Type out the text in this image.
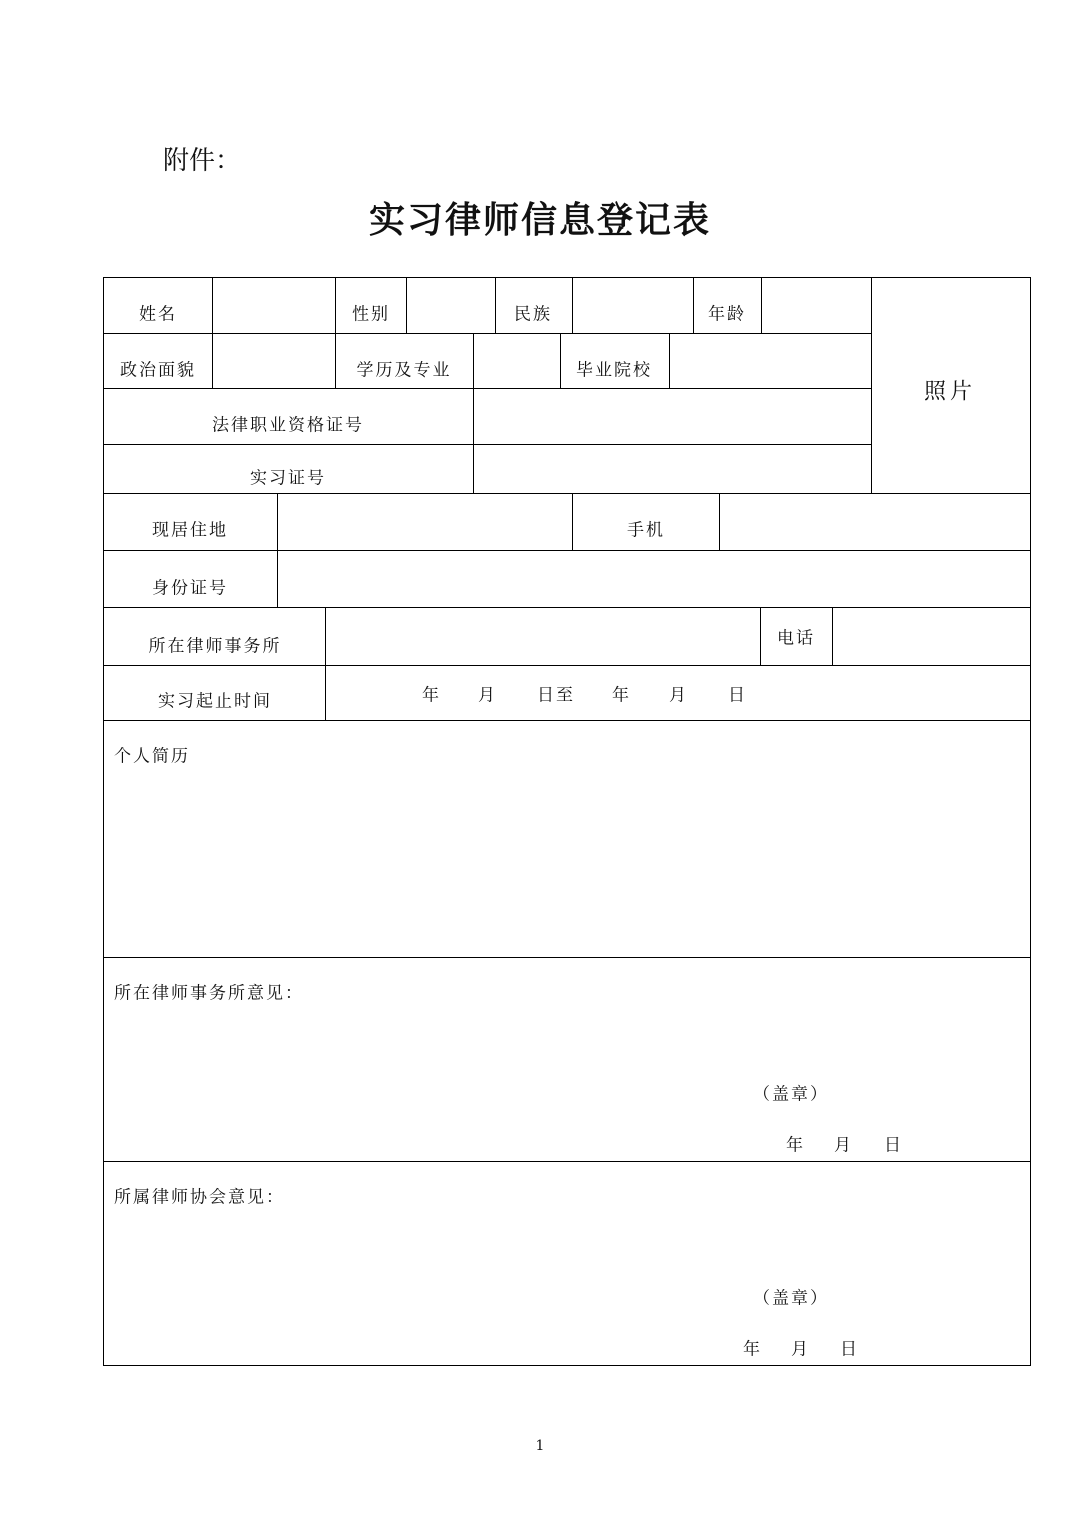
附件：
实习律师信息登记表
姓名	性别	民族	年龄
照片
政治面貌	学历及专业	毕业院校
法律职业资格证号
实习证号
现居住地	手机
身份证号
所在律师事务所	电话
实习起止时间	年 月 日至 年 月 日
个人简历
所在律师事务所意见：
（盖章）
年 月 日
所属律师协会意见：
（盖章）
年 月 日
1
